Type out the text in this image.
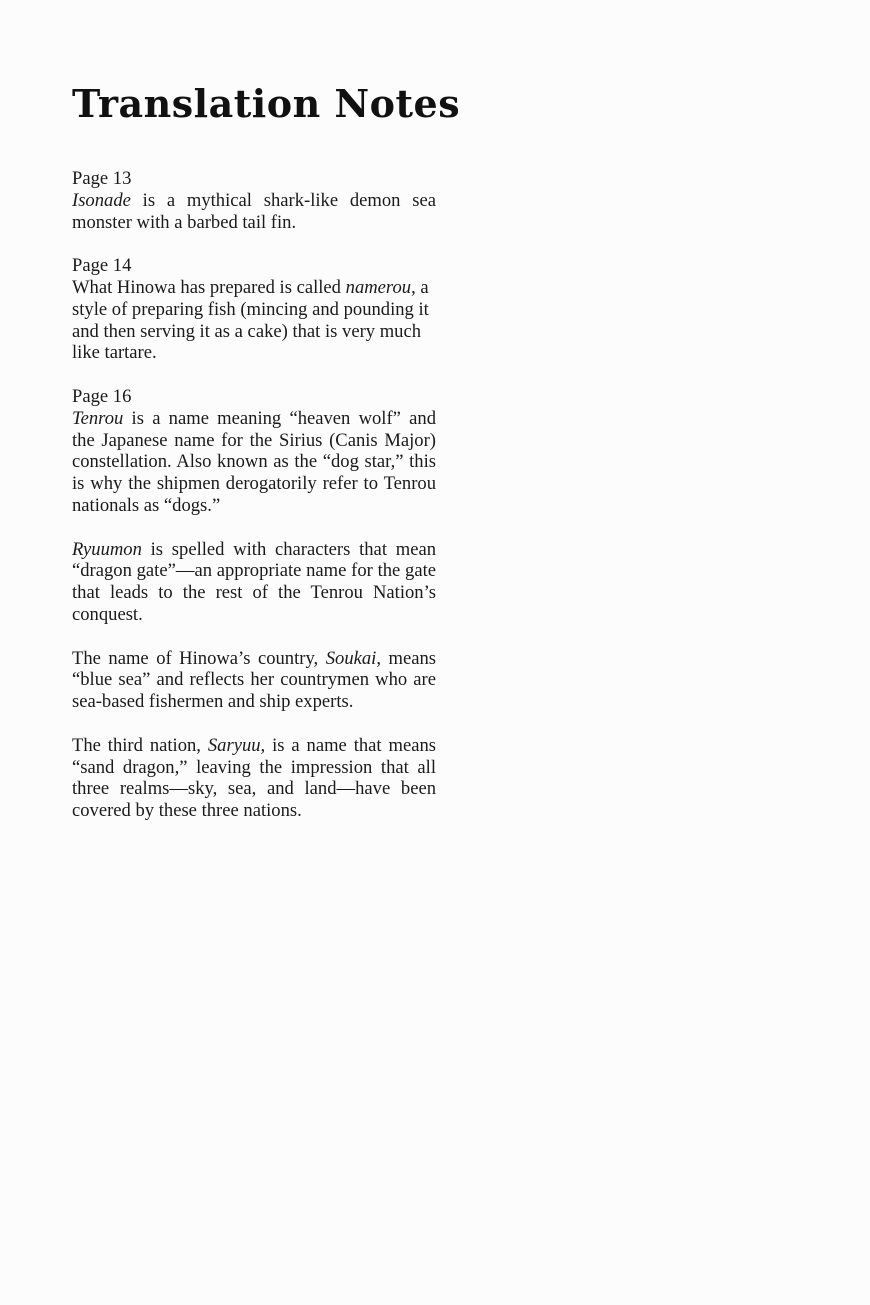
Translation Notes
Page 13
Isonade is a mythical shark-like demon sea monster with a barbed tail fin.
Page 14
What Hinowa has prepared is called namerou, a style of preparing fish (mincing and pounding it and then serving it as a cake) that is very much like tartare.
Page 16
Tenrou is a name meaning “heaven wolf” and the Japanese name for the Sirius (Canis Major) constellation. Also known as the “dog star,” this is why the shipmen derogatorily refer to Tenrou nationals as “dogs.”
Ryuumon is spelled with characters that mean “dragon gate”—an appropriate name for the gate that leads to the rest of the Tenrou Nation’s conquest.
The name of Hinowa’s country, Soukai, means “blue sea” and reflects her countrymen who are sea-based fishermen and ship experts.
The third nation, Saryuu, is a name that means “sand dragon,” leaving the impression that all three realms—sky, sea, and land—have been covered by these three nations.
